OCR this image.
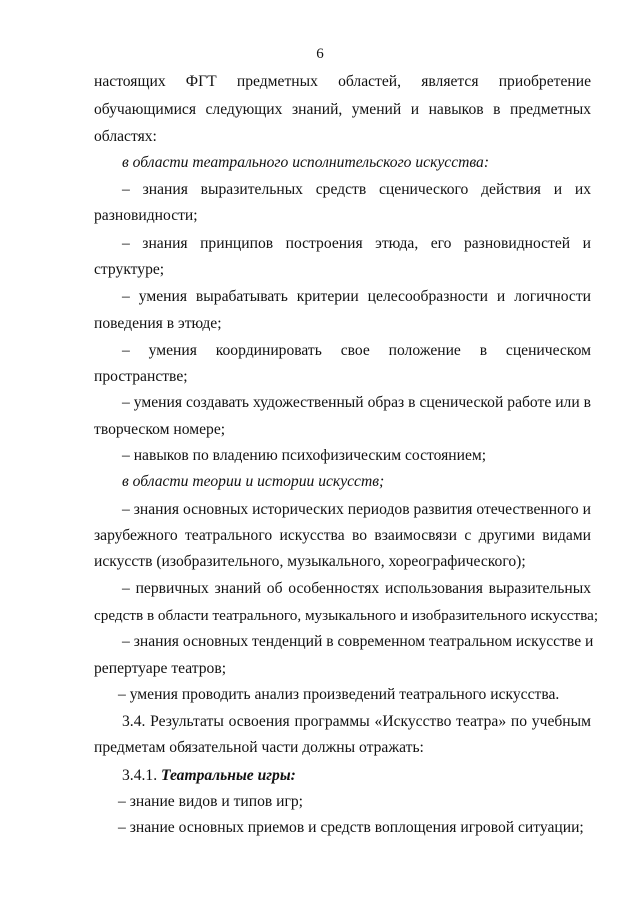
6
настоящих ФГТ предметных областей, является приобретение
обучающимися следующих знаний, умений и навыков в предметных
областях:
в области театрального исполнительского искусства:
– знания выразительных средств сценического действия и их
разновидности;
– знания принципов построения этюда, его разновидностей и
структуре;
– умения вырабатывать критерии целесообразности и логичности
поведения в этюде;
– умения координировать свое положение в сценическом
пространстве;
– умения создавать художественный образ в сценической работе или в
творческом номере;
– навыков по владению психофизическим состоянием;
в области теории и истории искусств;
– знания основных исторических периодов развития отечественного и
зарубежного театрального искусства во взаимосвязи с другими видами
искусств (изобразительного, музыкального, хореографического);
– первичных знаний об особенностях использования выразительных
средств в области театрального, музыкального и изобразительного искусства;
– знания основных тенденций в современном театральном искусстве и
репертуаре театров;
– умения проводить анализ произведений театрального искусства.
3.4. Результаты освоения программы «Искусство театра» по учебным
предметам обязательной части должны отражать:
3.4.1. Театральные игры:
– знание видов и типов игр;
– знание основных приемов и средств воплощения игровой ситуации;
